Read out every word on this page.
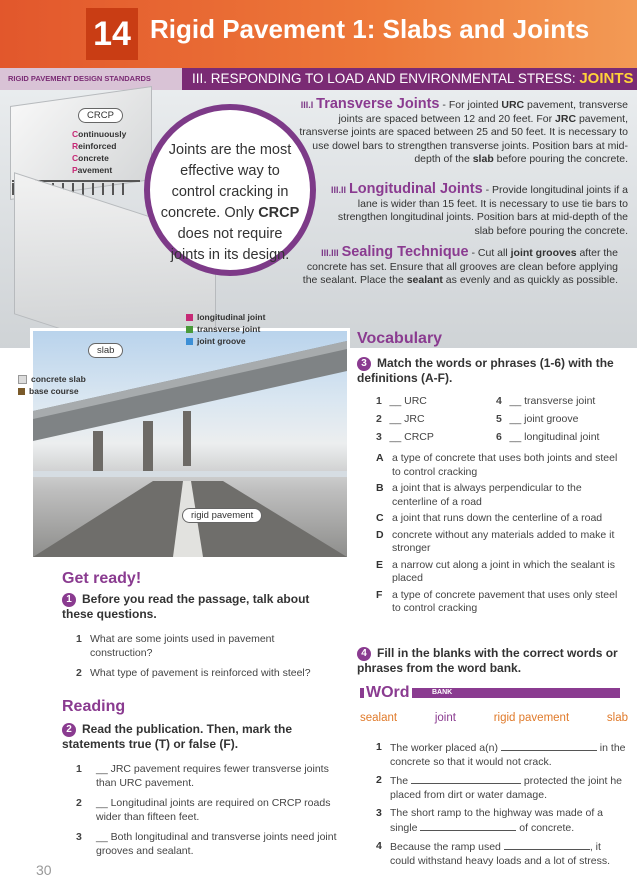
14 Rigid Pavement 1: Slabs and Joints
RIGID PAVEMENT DESIGN STANDARDS	III. RESPONDING TO LOAD AND ENVIRONMENTAL STRESS: JOINTS
CRCP
Continuously
Reinforced
Concrete
Pavement
Joints are the most effective way to control cracking in concrete. Only CRCP does not require joints in its design.
III.I Transverse Joints - For jointed URC pavement, transverse joints are spaced between 12 and 20 feet. For JRC pavement, transverse joints are spaced between 25 and 50 feet. It is necessary to use dowel bars to strengthen transverse joints. Position bars at mid-depth of the slab before pouring the concrete.
III.II Longitudinal Joints - Provide longitudinal joints if a lane is wider than 15 feet. It is necessary to use tie bars to strengthen longitudinal joints. Position bars at mid-depth of the slab before pouring the concrete.
III.III Sealing Technique - Cut all joint grooves after the concrete has set. Ensure that all grooves are clean before applying the sealant. Place the sealant as evenly and as quickly as possible.
rigid pavement
slab
longitudinal joint
transverse joint
joint groove
concrete slab
base course
Get ready!
1 Before you read the passage, talk about these questions.
1 What are some joints used in pavement construction?
2 What type of pavement is reinforced with steel?
Reading
2 Read the publication. Then, mark the statements true (T) or false (F).
1	__ JRC pavement requires fewer transverse joints than URC pavement.
2	__ Longitudinal joints are required on CRCP roads wider than fifteen feet.
3	__ Both longitudinal and transverse joints need joint grooves and sealant.
30
Vocabulary
3 Match the words or phrases (1-6) with the definitions (A-F).
1 __ URC	4 __ transverse joint
2 __ JRC	5 __ joint groove
3 __ CRCP	6 __ longitudinal joint
A a type of concrete that uses both joints and steel to control cracking
B a joint that is always perpendicular to the centerline of a road
C a joint that runs down the centerline of a road
D concrete without any materials added to make it stronger
E a narrow cut along a joint in which the sealant is placed
F a type of concrete pavement that uses only steel to control cracking
4 Fill in the blanks with the correct words or phrases from the word bank.
WOrd	BANK
sealant	joint	rigid pavement	slab
1 The worker placed a(n)	in the concrete so that it would not crack.
2 The	protected the joint he placed from dirt or water damage.
3 The short ramp to the highway was made of a single	of concrete.
4 Because the ramp used	, it could withstand heavy loads and a lot of stress.
